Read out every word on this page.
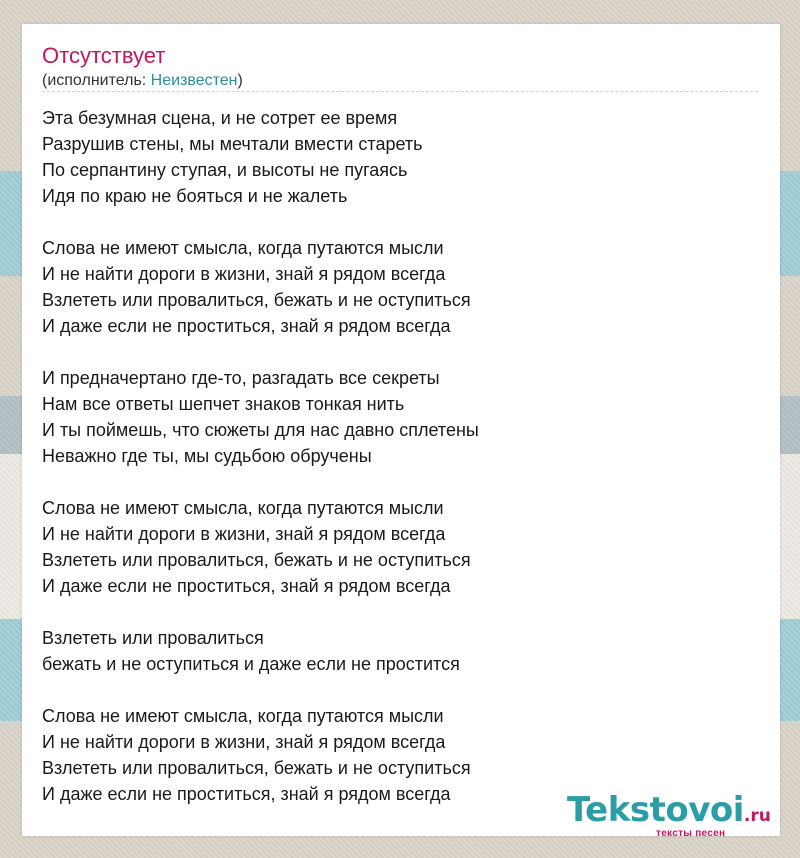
Отсутствует
(исполнитель: Неизвестен)
Эта безумная сцена, и не сотрет ее время
Разрушив стены, мы мечтали вмести стареть
По серпантину ступая, и высоты не пугаясь
Идя по краю не бояться и не жалеть
Слова не имеют смысла, когда путаются мысли
И не найти дороги в жизни, знай я рядом всегда
Взлететь или провалиться, бежать и не оступиться
И даже если не проститься, знай я рядом всегда
И предначертано где-то, разгадать все секреты
Нам все ответы шепчет знаков тонкая нить
И ты поймешь, что сюжеты для нас давно сплетены
Неважно где ты, мы судьбою обручены
Слова не имеют смысла, когда путаются мысли
И не найти дороги в жизни, знай я рядом всегда
Взлететь или провалиться, бежать и не оступиться
И даже если не проститься, знай я рядом всегда
Взлететь или провалиться
бежать и не оступиться и даже если не простится
Слова не имеют смысла, когда путаются мысли
И не найти дороги в жизни, знай я рядом всегда
Взлететь или провалиться, бежать и не оступиться
И даже если не проститься, знай я рядом всегда	Tekstovoi.ru
тексты песен
